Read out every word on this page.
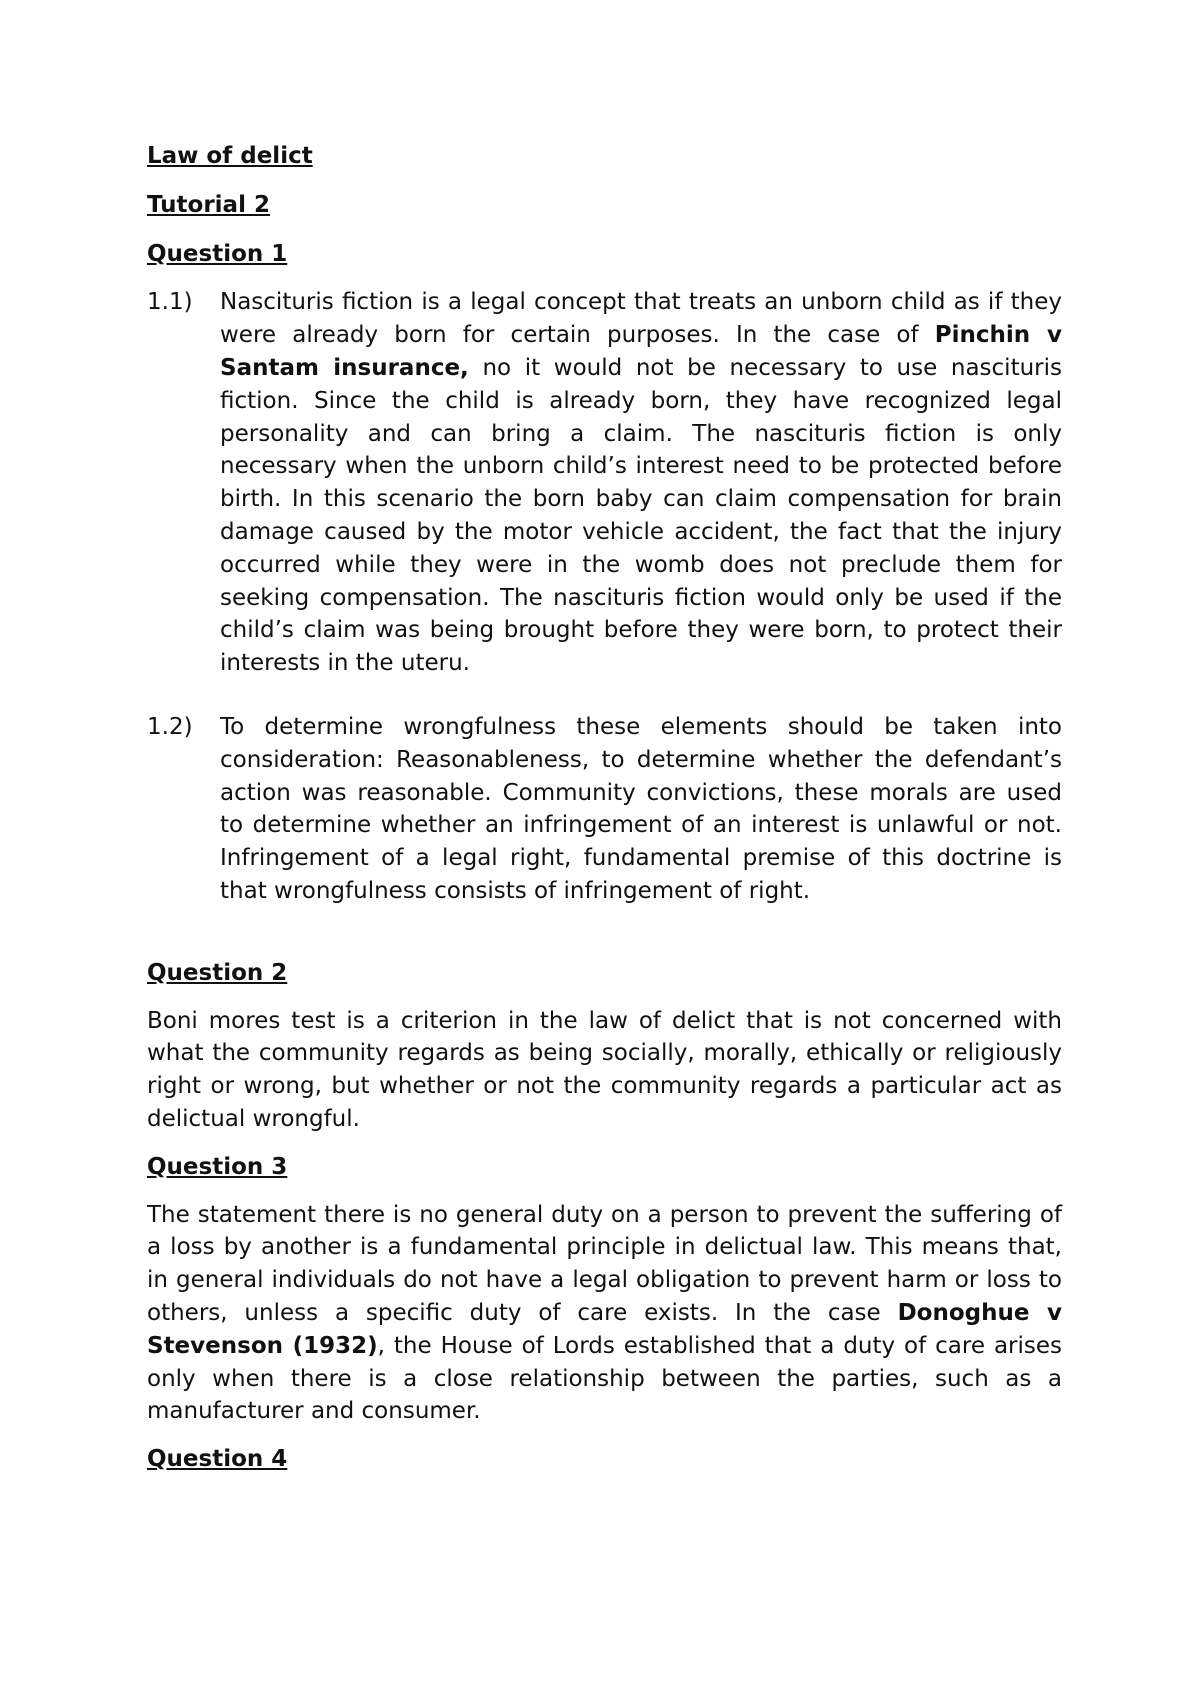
Law of delict

Tutorial 2

Question 1

1.1)	Nascituris fiction is a legal concept that treats an unborn child as if they were already born for certain purposes. In the case of Pinchin v Santam insurance, no it would not be necessary to use nascituris fiction. Since the child is already born, they have recognized legal personality and can bring a claim. The nascituris fiction is only necessary when the unborn child’s interest need to be protected before birth. In this scenario the born baby can claim compensation for brain damage caused by the motor vehicle accident, the fact that the injury occurred while they were in the womb does not preclude them for seeking compensation. The nascituris fiction would only be used if the child’s claim was being brought before they were born, to protect their interests in the uteru.
1.2)	To determine wrongfulness these elements should be taken into consideration: Reasonableness, to determine whether the defendant’s action was reasonable. Community convictions, these morals are used to determine whether an infringement of an interest is unlawful or not. Infringement of a legal right, fundamental premise of this doctrine is that wrongfulness consists of infringement of right.

Question 2

Boni mores test is a criterion in the law of delict that is not concerned with what the community regards as being socially, morally, ethically or religiously right or wrong, but whether or not the community regards a particular act as delictual wrongful.

Question 3

The statement there is no general duty on a person to prevent the suffering of a loss by another is a fundamental principle in delictual law. This means that, in general individuals do not have a legal obligation to prevent harm or loss to others, unless a specific duty of care exists. In the case Donoghue v Stevenson (1932), the House of Lords established that a duty of care arises only when there is a close relationship between the parties, such as a manufacturer and consumer.

Question 4
